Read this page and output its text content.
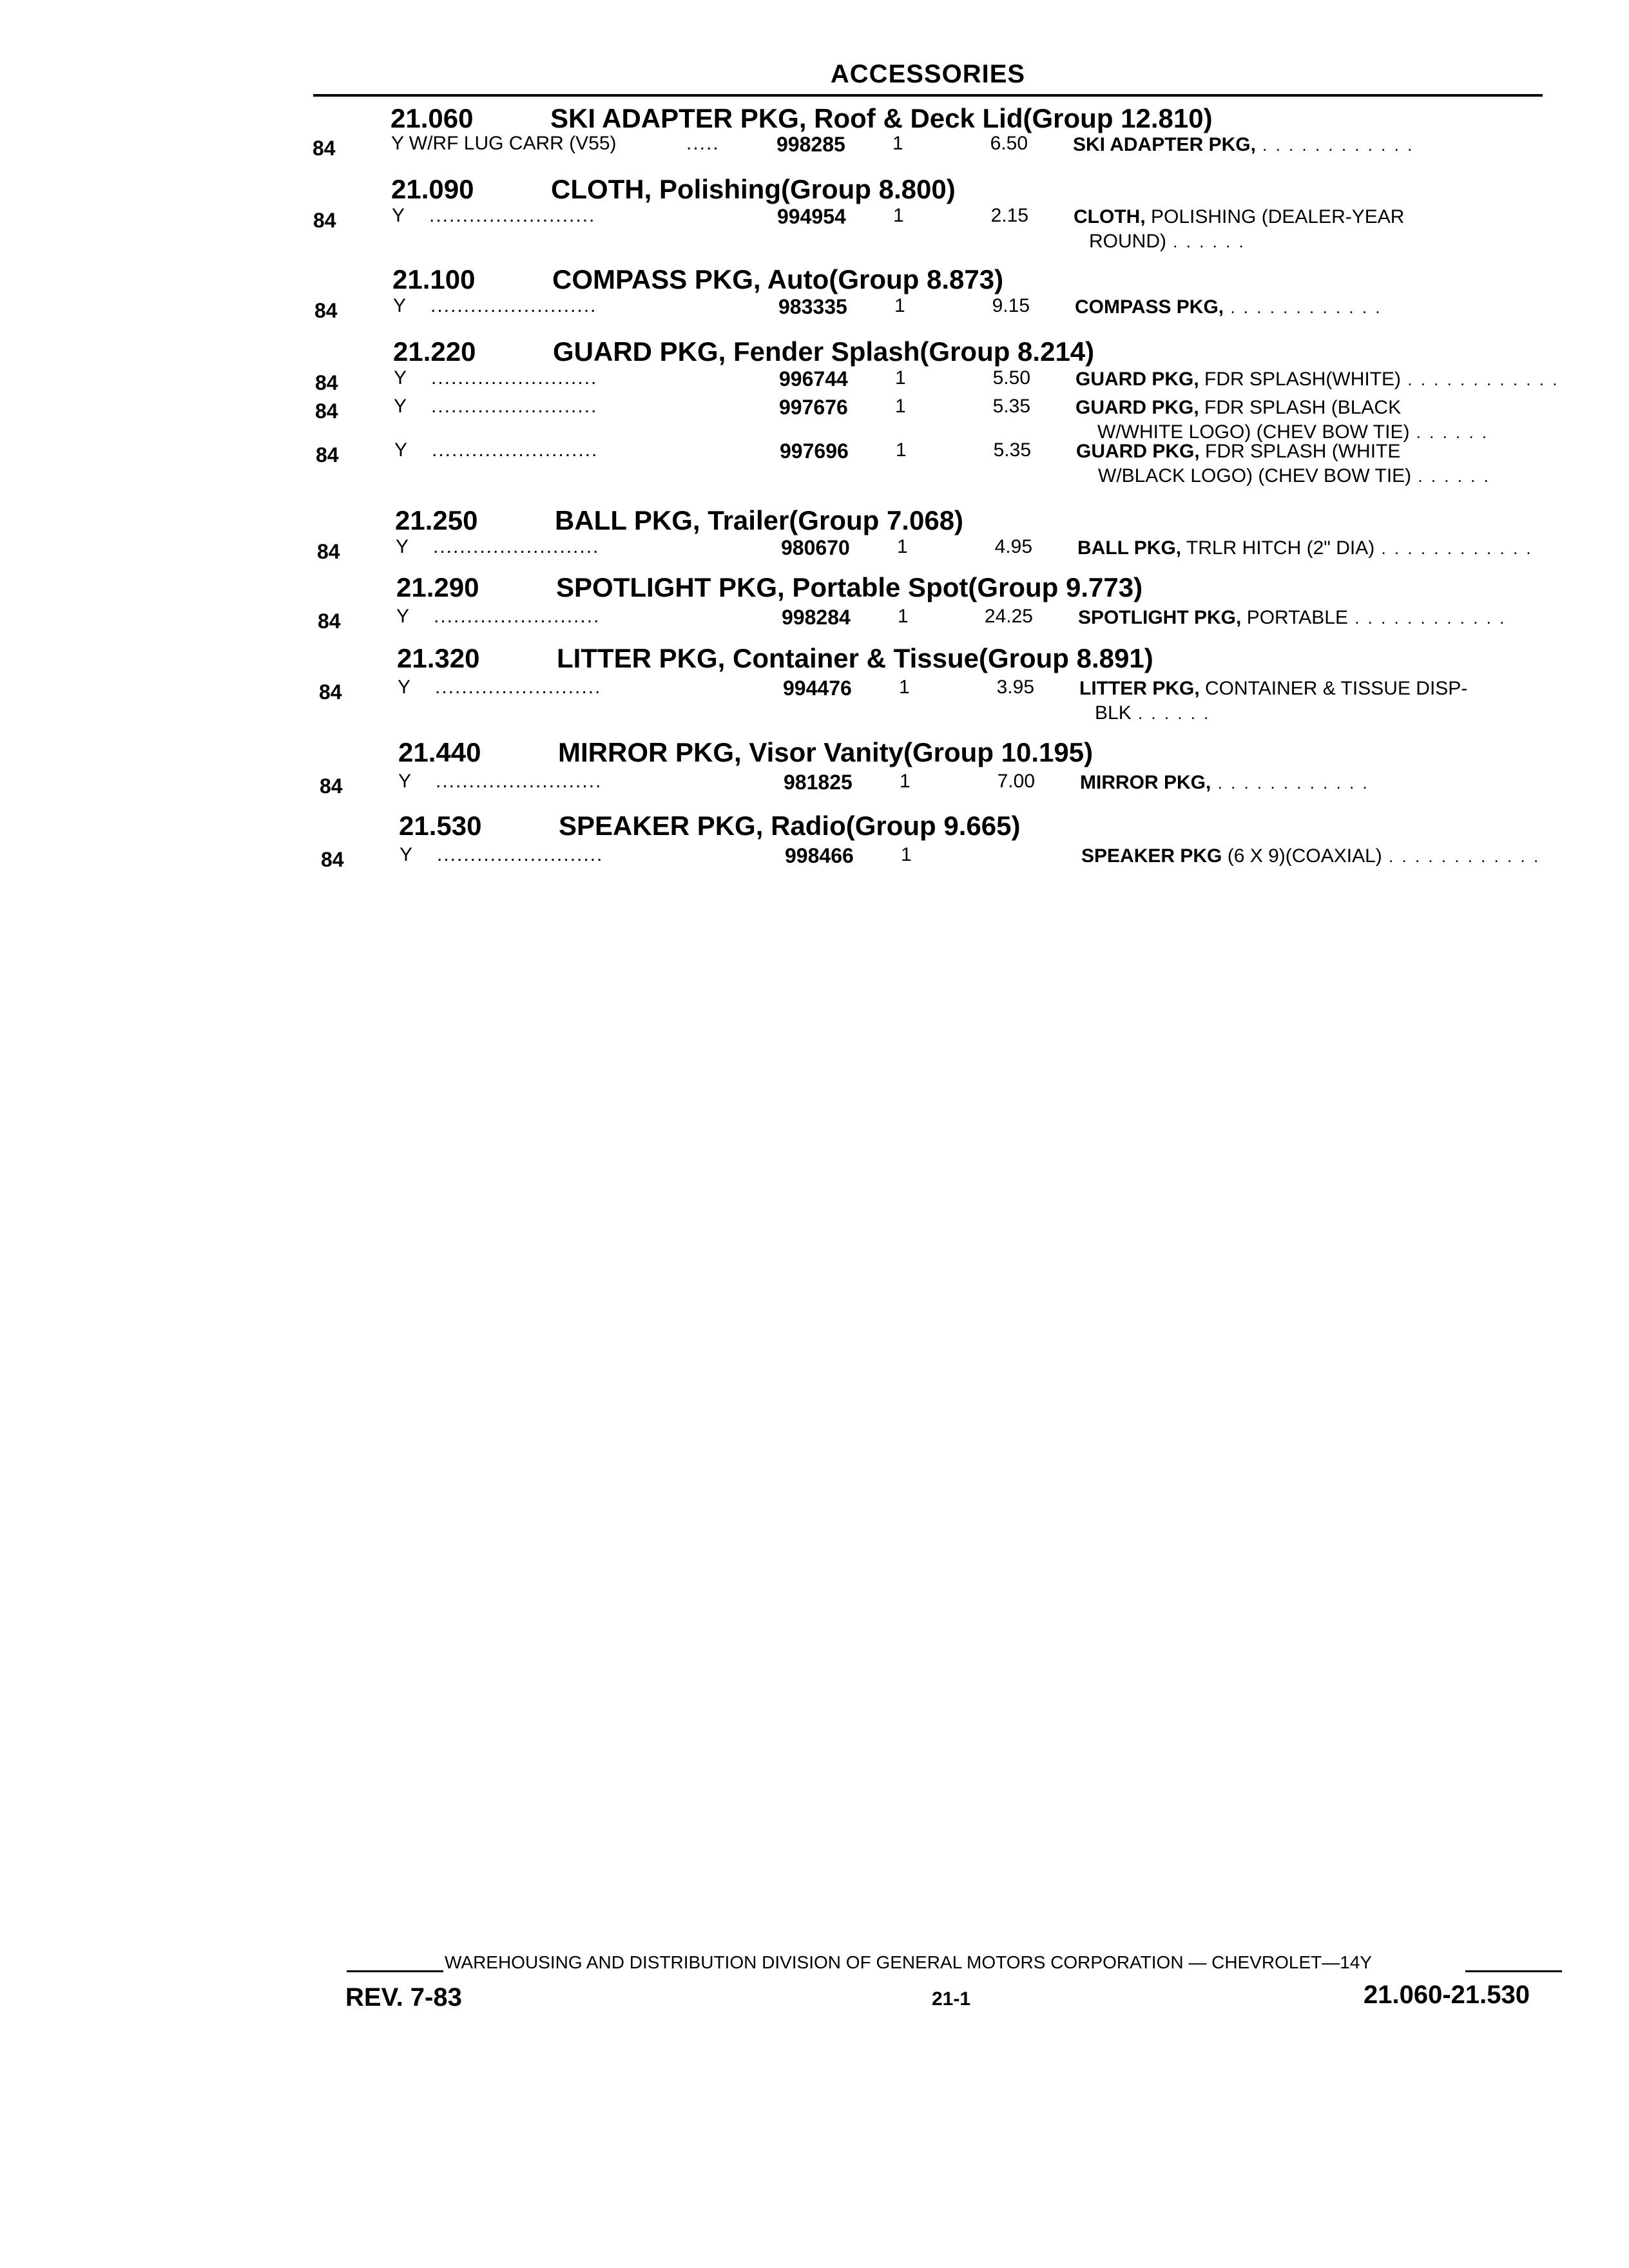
ACCESSORIES
21.060	SKI ADAPTER PKG, Roof & Deck Lid(Group 12.810)
84	Y W/RF LUG CARR (V55)	.....	998285 1	6.50 SKI ADAPTER PKG, . . . . . . . . . . . .
21.090	CLOTH, Polishing(Group 8.800)
84	Y .........................	994954 1	2.15 CLOTH, POLISHING (DEALER-YEAR
ROUND) . . . . . .
21.100	COMPASS PKG, Auto(Group 8.873)
84	Y .........................	983335 1	9.15 COMPASS PKG, . . . . . . . . . . . .
21.220	GUARD PKG, Fender Splash(Group 8.214)
84	Y .........................	996744 1	5.50 GUARD PKG, FDR SPLASH(WHITE) . . . . . . . . . . . .
84	Y .........................	997676 1	5.35 GUARD PKG, FDR SPLASH (BLACK
W/WHITE LOGO) (CHEV BOW TIE) . . . . . .
84	Y .........................	997696 1	5.35 GUARD PKG, FDR SPLASH (WHITE
W/BLACK LOGO) (CHEV BOW TIE) . . . . . .
21.250	BALL PKG, Trailer(Group 7.068)
84	Y .........................	980670 1	4.95 BALL PKG, TRLR HITCH (2" DIA) . . . . . . . . . . . .
21.290	SPOTLIGHT PKG, Portable Spot(Group 9.773)
84	Y .........................	998284 1	24.25 SPOTLIGHT PKG, PORTABLE . . . . . . . . . . . .
21.320	LITTER PKG, Container & Tissue(Group 8.891)
84	Y .........................	994476 1	3.95 LITTER PKG, CONTAINER & TISSUE DISP-
BLK . . . . . .
21.440	MIRROR PKG, Visor Vanity(Group 10.195)
84	Y .........................	981825 1	7.00 MIRROR PKG, . . . . . . . . . . . .
21.530	SPEAKER PKG, Radio(Group 9.665)
84	Y .........................	998466 1	SPEAKER PKG (6 X 9)(COAXIAL) . . . . . . . . . . . .
WAREHOUSING AND DISTRIBUTION DIVISION OF GENERAL MOTORS CORPORATION — CHEVROLET—14Y
REV. 7-83	21-1	21.060-21.530
